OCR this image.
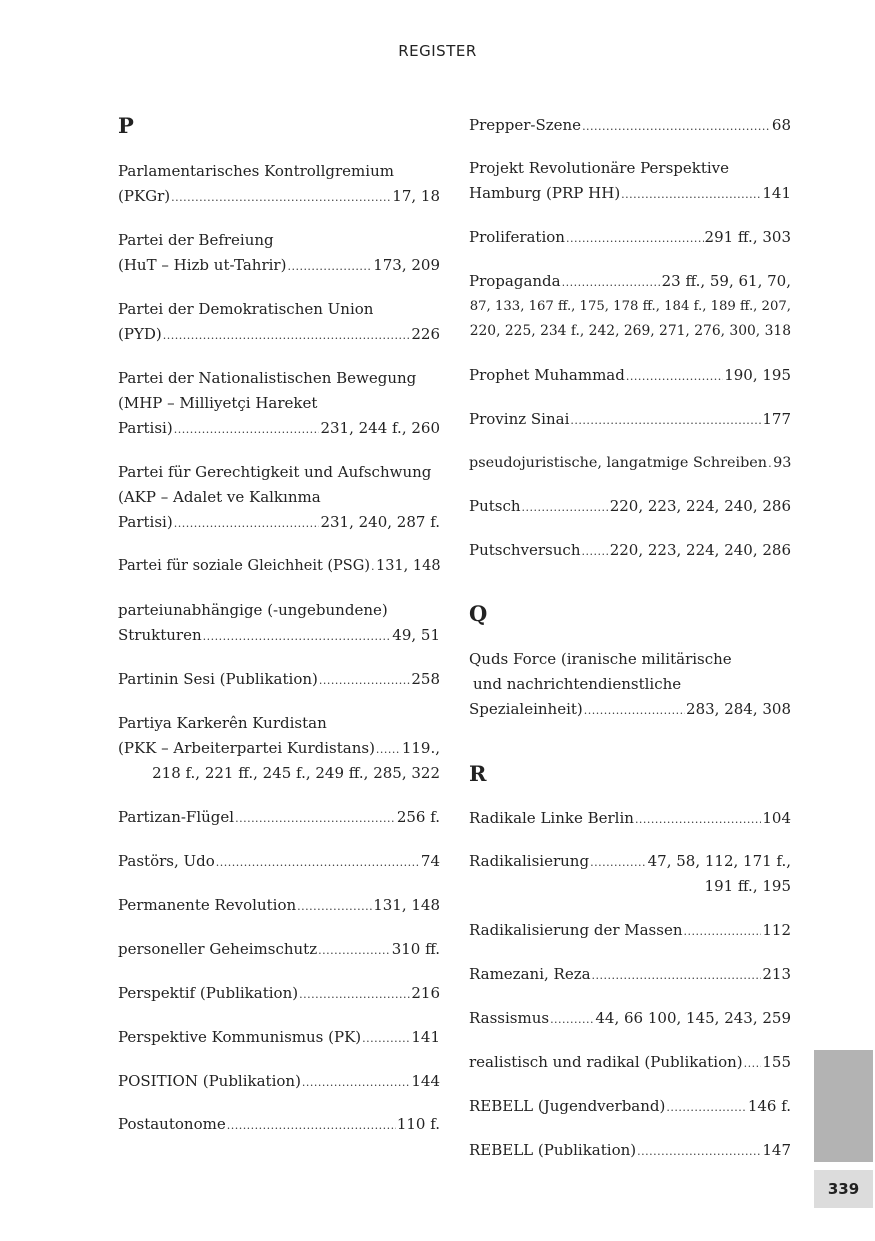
REGISTER
P
Parlamentarisches Kontrollgremium
(PKGr) .....	17, 18
Partei der Befreiung
(HuT – Hizb ut-Tahrir) .....	173, 209
Partei der Demokratischen Union
(PYD) .....	226
Partei der Nationalistischen Bewegung
(MHP – Milliyetçi Hareket
Partisi) .....	231, 244 f., 260
Partei für Gerechtigkeit und Aufschwung
(AKP – Adalet ve Kalkınma
Partisi) .....	231, 240, 287 f.
Partei für soziale Gleichheit (PSG) ..... 131, 148
parteiunabhängige (-ungebundene)
Strukturen .....	49, 51
Partinin Sesi (Publikation) .....	258
Partiya Karkerên Kurdistan
(PKK – Arbeiterpartei Kurdistans) ..... 119.,
218 f., 221 ff., 245 f., 249 ff., 285, 322
Partizan-Flügel .....	256 f.
Pastörs, Udo .....	74
Permanente Revolution .....	131, 148
personeller Geheimschutz .....	310 ff.
Perspektif (Publikation) .....	216
Perspektive Kommunismus (PK) .....	141
POSITION (Publikation) .....	144
Postautonome .....	110 f.
Prepper-Szene .....	68
Projekt Revolutionäre Perspektive
Hamburg (PRP HH) .....	141
Proliferation .....	291 ff., 303
Propaganda .....	23 ff., 59, 61, 70,
87, 133, 167 ff., 175, 178 ff., 184 f., 189 ff., 207,
220, 225, 234 f., 242, 269, 271, 276, 300, 318
Prophet Muhammad .....	190, 195
Provinz Sinai .....	177
pseudojuristische, langatmige Schreiben ..... 93
Putsch .....	220, 223, 224, 240, 286
Putschversuch ..... 220, 223, 224, 240, 286
Q
Quds Force (iranische militärische
und nachrichtendienstliche
Spezialeinheit) .....	283, 284, 308
R
Radikale Linke Berlin .....	104
Radikalisierung .....	47, 58, 112, 171 f.,
191 ff., 195
Radikalisierung der Massen .....	112
Ramezani, Reza .....	213
Rassismus .....	44, 66 100, 145, 243, 259
realistisch und radikal (Publikation) ..... 155
REBELL (Jugendverband) .....	146 f.
REBELL (Publikation) .....	147
339
